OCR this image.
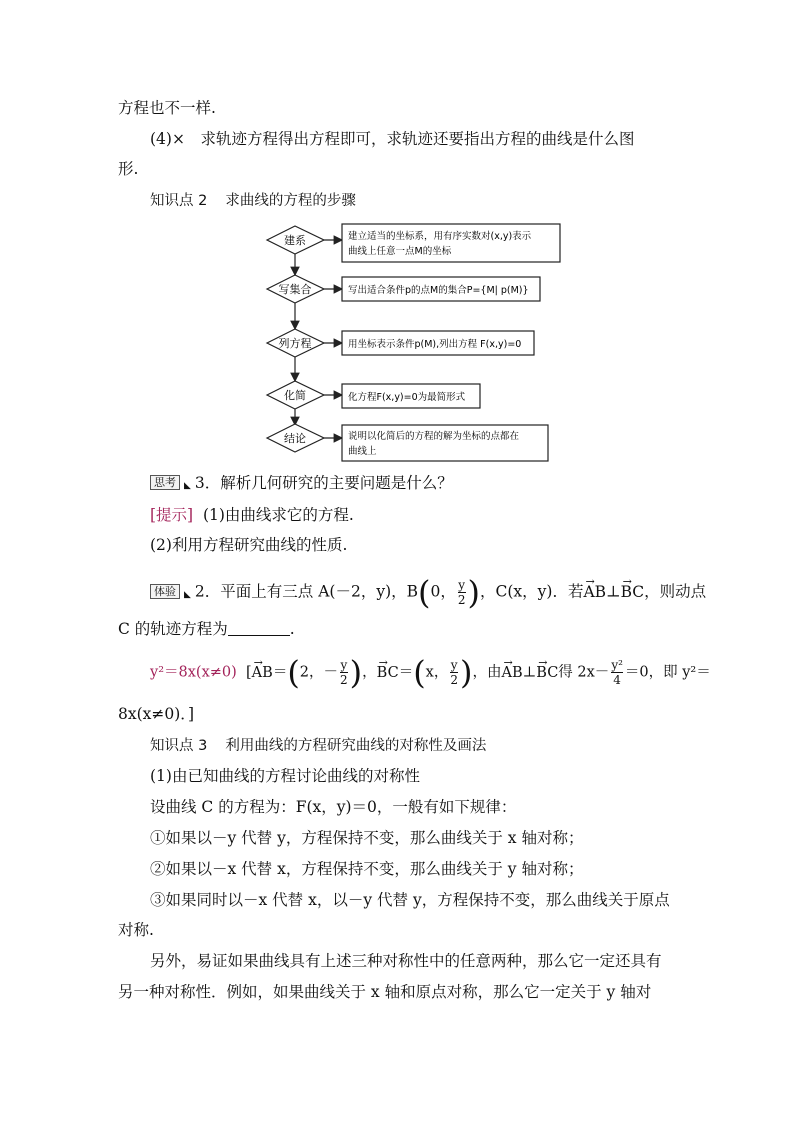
方程也不一样.
(4)×　求轨迹方程得出方程即可，求轨迹还要指出方程的曲线是什么图
形.
知识点 2 求曲线的方程的步骤
建系
写集合
列方程
化简
结论
建立适当的坐标系，用有序实数对(x,y)表示
曲线上任意一点M的坐标
写出适合条件p的点M的集合P={M| p(M)}
用坐标表示条件p(M),列出方程 F(x,y)=0
化方程F(x,y)=0为最简形式
说明以化简后的方程的解为坐标的点都在
曲线上
思考 ◣ 3．解析几何研究的主要问题是什么？
[提示] (1)由曲线求它的方程.
(2)利用方程研究曲线的性质.
体验 ◣ 2．平面上有三点 A(－2，y)，B(0， $\frac{y}{2}$ )，C(x，y)．若→ AB⊥→ BC，则动点
C 的轨迹方程为	.
y²＝8x(x≠0) [→ AB＝(2，－ $\frac{y}{2}$ )，→ BC＝(x， $\frac{y}{2}$ )，由→ AB⊥→ BC得 $2x- \frac{\text{y²}}{4} =0$，即 y²＝
8x(x≠0)．]
知识点 3 利用曲线的方程研究曲线的对称性及画法
(1)由已知曲线的方程讨论曲线的对称性
设曲线 C 的方程为：F(x，y)＝0，一般有如下规律：
①如果以－y 代替 y，方程保持不变，那么曲线关于 x 轴对称；
②如果以－x 代替 x，方程保持不变，那么曲线关于 y 轴对称；
③如果同时以－x 代替 x，以－y 代替 y，方程保持不变，那么曲线关于原点
对称.
另外，易证如果曲线具有上述三种对称性中的任意两种，那么它一定还具有
另一种对称性．例如，如果曲线关于 x 轴和原点对称，那么它一定关于 y 轴对
